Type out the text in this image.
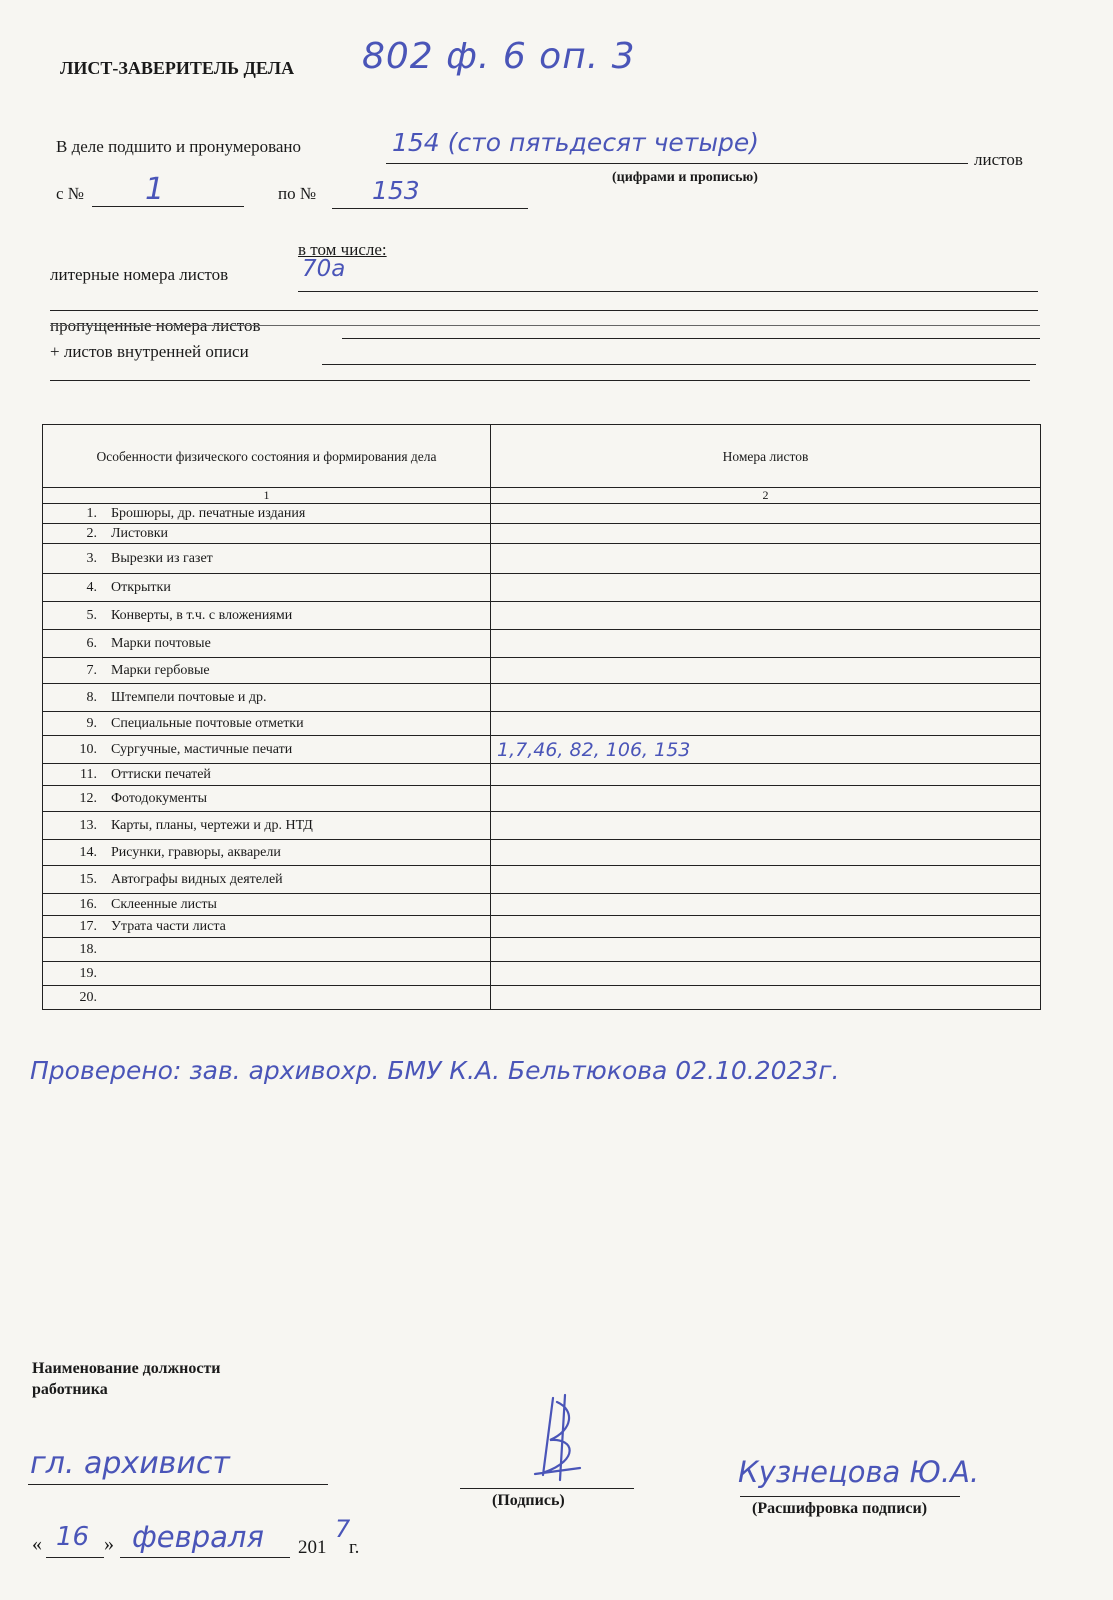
ЛИСТ-ЗАВЕРИТЕЛЬ ДЕЛА 802 ф. 6 оп. 3
В деле подшито и пронумеровано	154 (сто пятьдесят четыре)
листов
(цифрами и прописью)
с № 1	по № 153
в том числе:
литерные номера листов	70а
пропущенные номера листов
+ листов внутренней описи
Особенности физического состояния и формирования дела	Номера листов
1	2
1. Брошюры, др. печатные издания	
2. Листовки	
3. Вырезки из газет	
4. Открытки	
5. Конверты, в т.ч. с вложениями	
6. Марки почтовые	
7. Марки гербовые	
8. Штемпели почтовые и др.	
9. Специальные почтовые отметки	
10. Сургучные, мастичные печати	1,7,46, 82, 106, 153
11. Оттиски печатей	
12. Фотодокументы	
13. Карты, планы, чертежи и др. НТД	
14. Рисунки, гравюры, акварели	
15. Автографы видных деятелей	
16. Склеенные листы	
17. Утрата части листа	
18.	
19.	
20.	
Проверено: зав. архивохр. БМУ К.А. Бельтюкова 02.10.2023г.
Наименование должности
работника
гл. архивист
(Подпись)
Кузнецова Ю.А.
(Расшифровка подписи)
« 16 » февраля 201
7
г.
